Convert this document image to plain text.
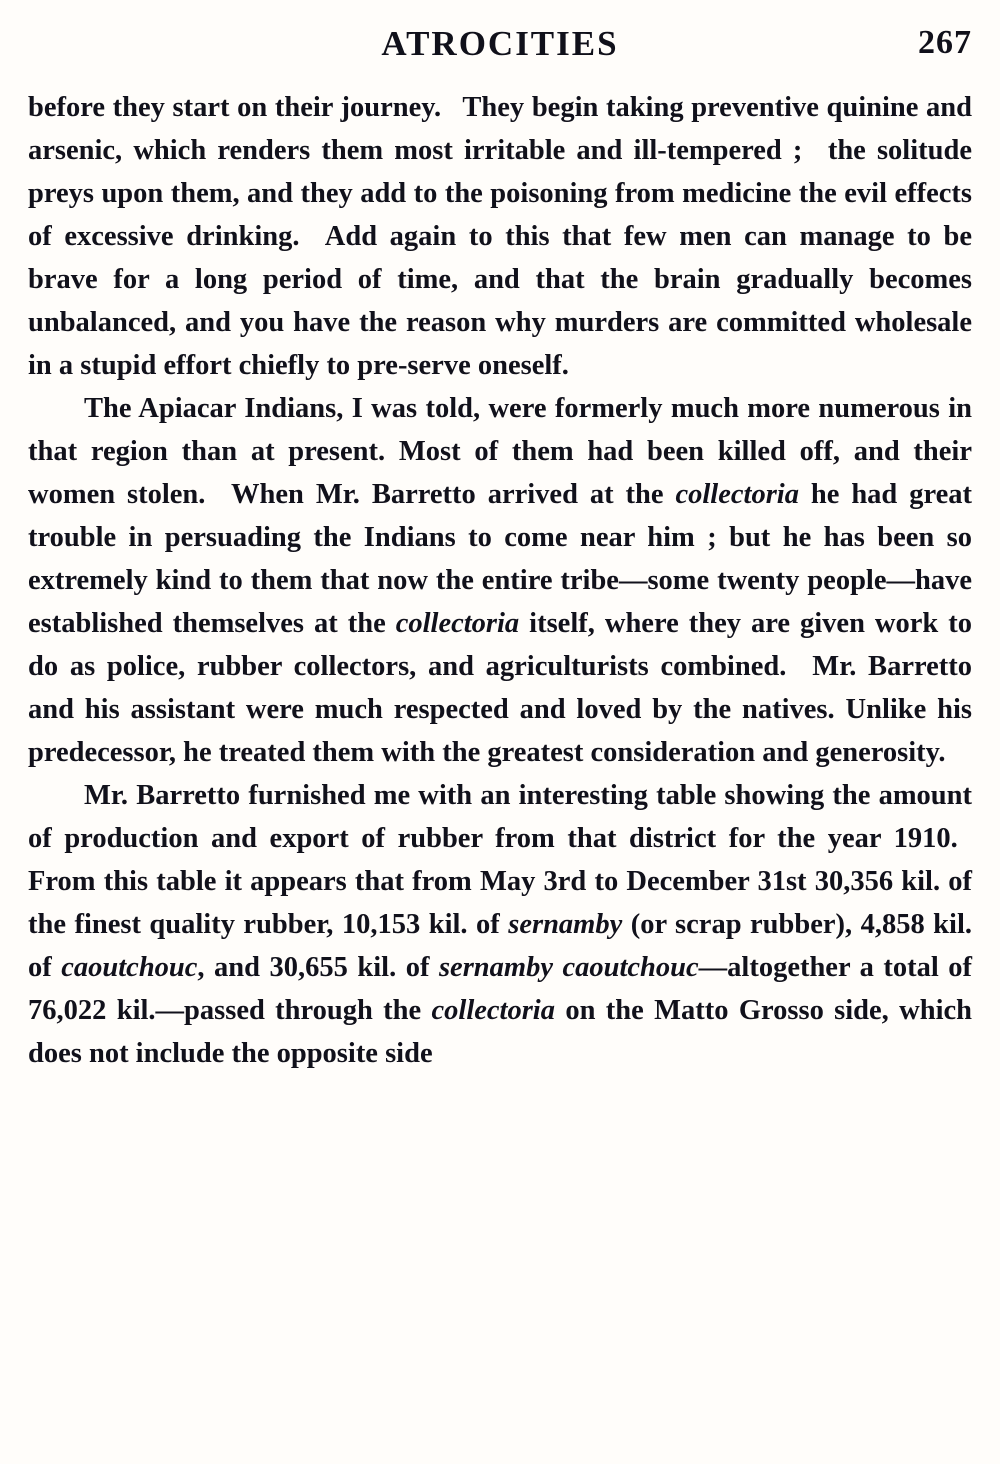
ATROCITIES	267

before they start on their journey.  They begin taking preventive quinine and arsenic, which renders them most irritable and ill-tempered ;  the solitude preys upon them, and they add to the poisoning from medicine the evil effects of excessive drinking.  Add again to this that few men can manage to be brave for a long period of time, and that the brain gradually becomes unbalanced, and you have the reason why murders are committed wholesale in a stupid effort chiefly to pre-serve oneself.

The Apiacar Indians, I was told, were formerly much more numerous in that region than at present. Most of them had been killed off, and their women stolen.  When Mr. Barretto arrived at the collectoria he had great trouble in persuading the Indians to come near him ; but he has been so extremely kind to them that now the entire tribe—some twenty people—have established themselves at the collectoria itself, where they are given work to do as police, rubber collectors, and agriculturists combined.  Mr. Barretto and his assistant were much respected and loved by the natives. Unlike his predecessor, he treated them with the greatest consideration and generosity.

Mr. Barretto furnished me with an interesting table showing the amount of production and export of rubber from that district for the year 1910.  From this table it appears that from May 3rd to December 31st 30,356 kil. of the finest quality rubber, 10,153 kil. of sernamby (or scrap rubber), 4,858 kil. of caoutchouc, and 30,655 kil. of sernamby caoutchouc—altogether a total of 76,022 kil.—passed through the collectoria on the Matto Grosso side, which does not include the opposite side
